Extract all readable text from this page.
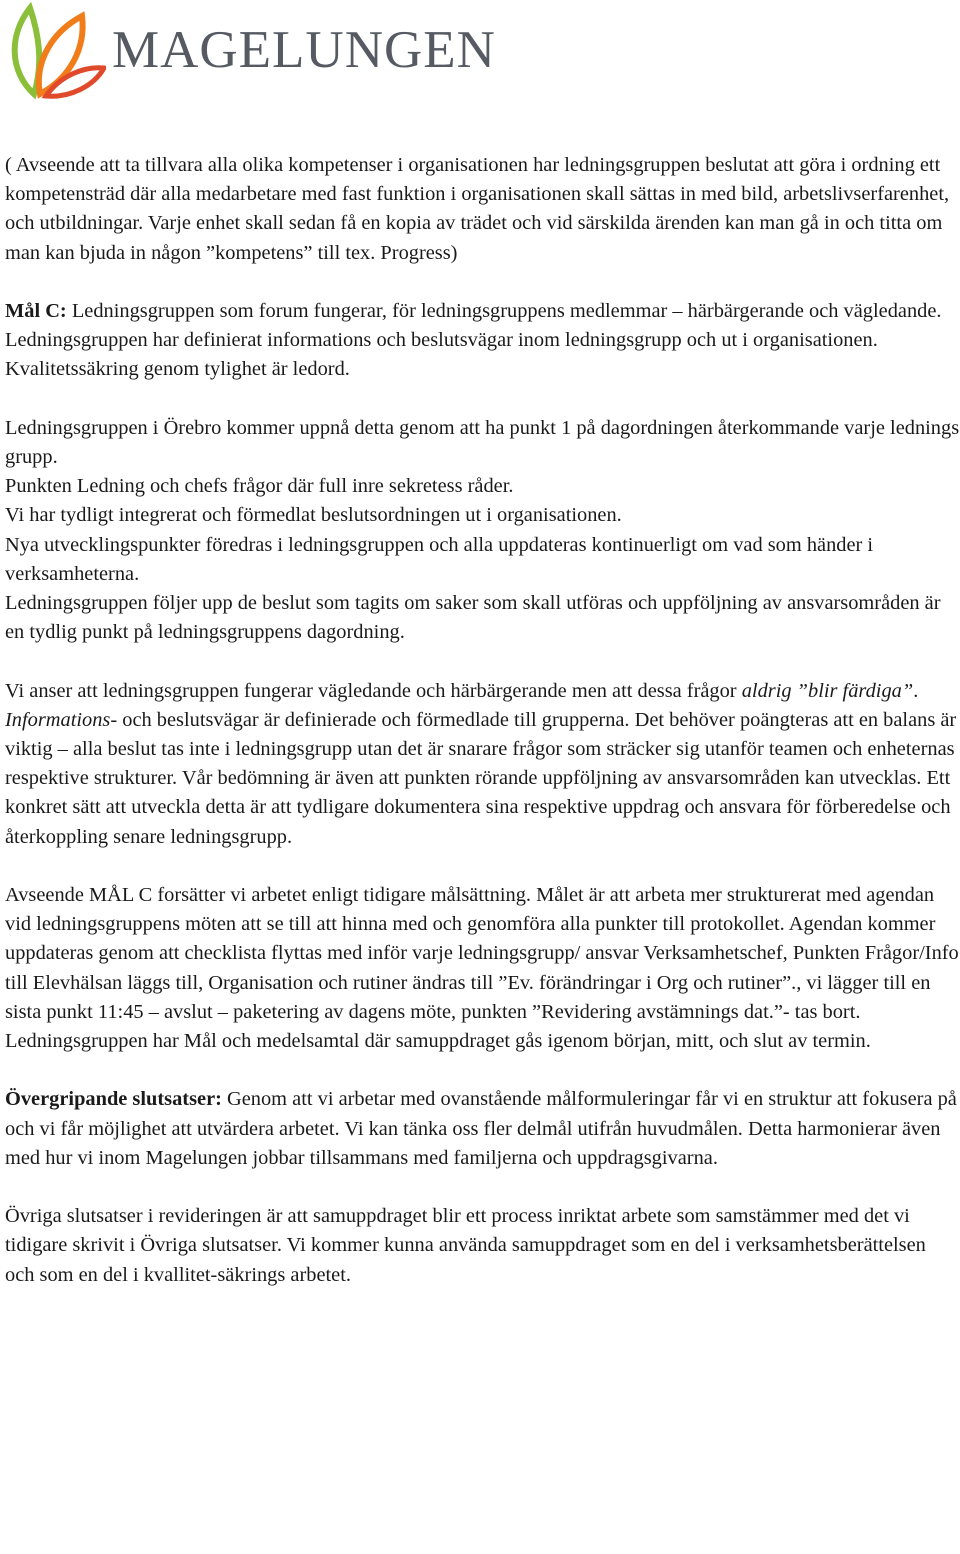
MAGELUNGEN

( Avseende att ta tillvara alla olika kompetenser i organisationen har ledningsgruppen beslutat att göra i ordning ett kompetensträd där alla medarbetare med fast funktion i organisationen skall sättas in med bild, arbetslivserfarenhet, och utbildningar. Varje enhet skall sedan få en kopia av trädet och vid särskilda ärenden kan man gå in och titta om man kan bjuda in någon ”kompetens” till tex. Progress)

Mål C: Ledningsgruppen som forum fungerar, för ledningsgruppens medlemmar – härbärgerande och vägledande.

Ledningsgruppen har definierat informations och beslutsvägar inom ledningsgrupp och ut i organisationen.

Kvalitetssäkring genom tylighet är ledord.

Ledningsgruppen i Örebro kommer uppnå detta genom att ha punkt 1 på dagordningen återkommande varje lednings grupp.

Punkten Ledning och chefs frågor där full inre sekretess råder.

Vi har tydligt integrerat och förmedlat beslutsordningen ut i organisationen.

Nya utvecklingspunkter föredras i ledningsgruppen och alla uppdateras kontinuerligt om vad som händer i verksamheterna.

Ledningsgruppen följer upp de beslut som tagits om saker som skall utföras och uppföljning av ansvarsområden är en tydlig punkt på ledningsgruppens dagordning.

Vi anser att ledningsgruppen fungerar vägledande och härbärgerande men att dessa frågor aldrig ”blir färdiga”. Informations- och beslutsvägar är definierade och förmedlade till grupperna. Det behöver poängteras att en balans är viktig – alla beslut tas inte i ledningsgrupp utan det är snarare frågor som sträcker sig utanför teamen och enheternas respektive strukturer. Vår bedömning är även att punkten rörande uppföljning av ansvarsområden kan utvecklas. Ett konkret sätt att utveckla detta är att tydligare dokumentera sina respektive uppdrag och ansvara för förberedelse och återkoppling senare ledningsgrupp.

Avseende MÅL C forsätter vi arbetet enligt tidigare målsättning. Målet är att arbeta mer strukturerat med agendan vid ledningsgruppens möten att se till att hinna med och genomföra alla punkter till protokollet. Agendan kommer uppdateras genom att checklista flyttas med inför varje ledningsgrupp/ ansvar Verksamhetschef, Punkten Frågor/Info till Elevhälsan läggs till, Organisation och rutiner ändras till ”Ev. förändringar i Org och rutiner”., vi lägger till en sista punkt 11:45 – avslut – paketering av dagens möte, punkten ”Revidering avstämnings dat.”- tas bort.

Ledningsgruppen har Mål och medelsamtal där samuppdraget gås igenom början, mitt, och slut av termin.

Övergripande slutsatser: Genom att vi arbetar med ovanstående målformuleringar får vi en struktur att fokusera på och vi får möjlighet att utvärdera arbetet. Vi kan tänka oss fler delmål utifrån huvudmålen. Detta harmonierar även med hur vi inom Magelungen jobbar tillsammans med familjerna och uppdragsgivarna.

Övriga slutsatser i revideringen är att samuppdraget blir ett process inriktat arbete som samstämmer med det vi tidigare skrivit i Övriga slutsatser. Vi kommer kunna använda samuppdraget som en del i verksamhetsberättelsen och som en del i kvallitet-säkrings arbetet.
